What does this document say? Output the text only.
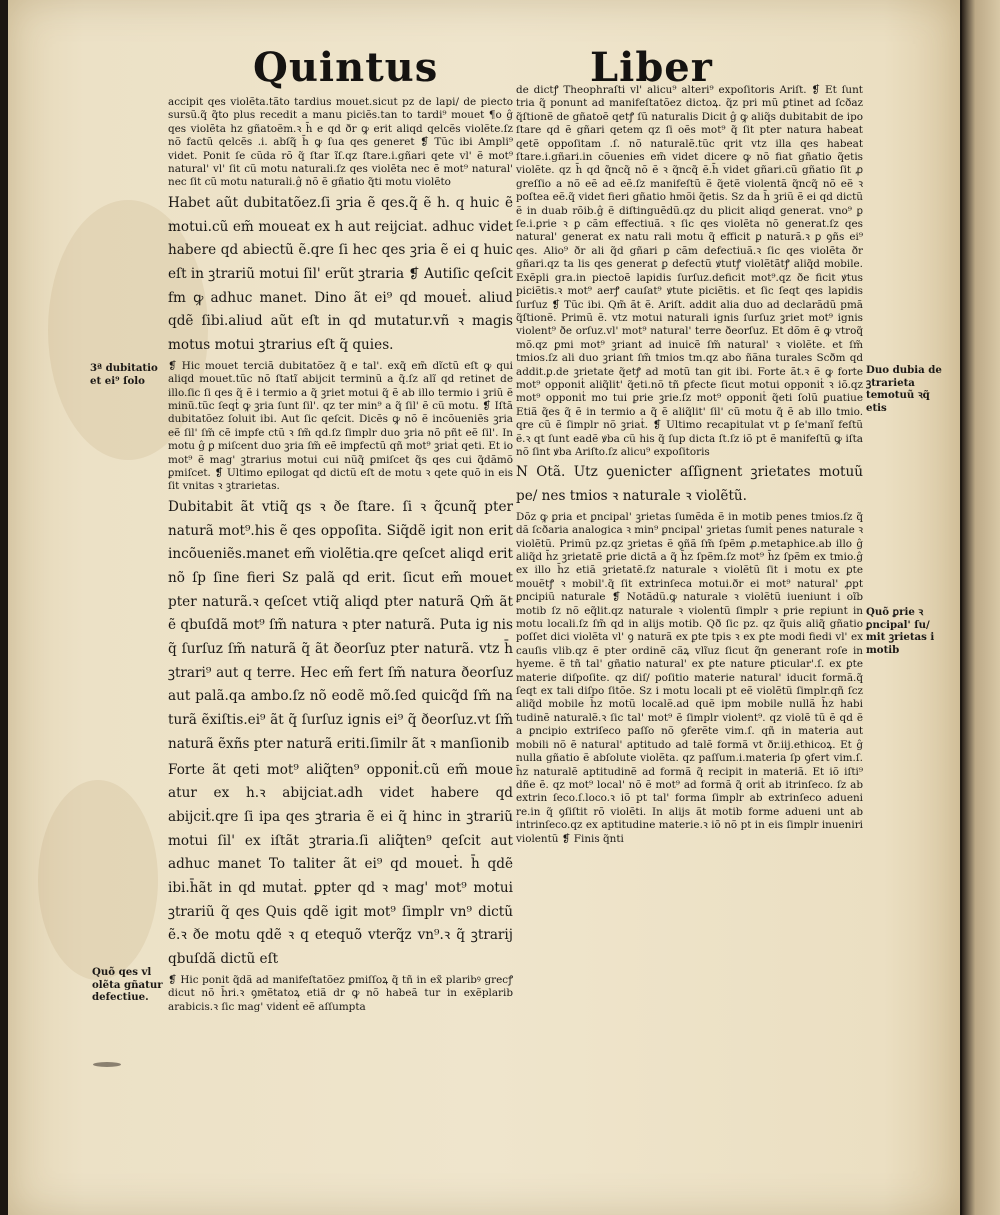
Quintus	Liber

accipit qes violẽta.tãto tardius mouet.sicut pz de lapi/ de piecto sursũ.q̃ q̃to plus recedit a manu piciẽs.tan to tardi⁹ mouet ¶o ĝ qes violẽta hz gñatoẽm.ꝛ h̄ e qd ðr ꝙ erit aliqd qelcẽs violẽte.ſz nõ factũ qelcẽs .i. abſq̃ h̄ ꝙ ſua qes generet ❡ Tũc ibi Ampli⁹ videt. Ponit ſe cũda rõ q̃ ſtar ĩſ.qz ſtare.i.gñari qete vl' ẽ mot⁹ natural' vl' ſit cũ motu naturali.ſz qes violẽta nec ẽ mot⁹ natural' nec ſit cũ motu naturali.ĝ nõ ẽ gñatio q̃ti motu violẽto

Habet aũt dubitatõez.ſi ꝫria ẽ qes.q̃ ẽ h. q huic ẽ motui.cũ em̃ moueat ex h aut reijciat. adhuc videt habere qd abiectũ ẽ.qre ſi hec qes ꝫria ẽ ei q huic eſt in ꝫtrariũ motui ſil' erũt ꝫtraria ❡ Autiſic qeſcit fm ꝙ adhuc manet. Dino ãt ei⁹ qd moueṫ. aliud qdẽ ſibi.aliud aũt eſt in qd mutatur.vñ ꝛ magis motus motui ꝫtrarius eſt q̃ quies.

❡ Hic mouet terciã dubitatõez q̃ e tal'. exq̃ em̃ dĩctũ eſt ꝙ qui aliqd mouet.tũc nõ ſtatĩ abijcit terminũ a q̃.ſz alĩ qd retinet de illo.ſic ſi qes q̃ ẽ i termio a q̃ ꝫriet motui q̃ ẽ ab illo termio i ꝫriũ ẽ minũ.tũc ſeqṫ ꝙ ꝫria ſunt ſil'. qz ter min⁹ a q̃ ſil' ẽ cũ motu. ❡ Iſtã dubitatõez ſoluit ibi. Aut ſic qeſcit. Dicẽs ꝙ nõ ẽ incõueniẽs ꝫria eẽ ſil' ſm̃ cẽ impfe ctũ ꝛ ſm̃ qd.ſz ſimplr duo ꝫria nõ pñt eẽ ſil'. In motu ĝ ꝑ miſcent duo ꝫria ſm̃ eẽ imꝑfectũ qñ mot⁹ ꝫriaṫ qeti. Et io mot⁹ ẽ mag' ꝫtrarius motui cui nũq̃ ꝑmiſcet q̃s qes cui q̃dãmõ ꝑmiſcet. ❡ Ultimo epilogat qd dictũ eſt de motu ꝛ qete quõ in eis ſit vnitas ꝛ ꝫtrarietas.

Dubitabit ãt vtiq̃ qs ꝛ ðe ſtare. ſi ꝛ q̃cunq̃ pter naturã mot⁹.his ẽ qes oppoſita. Siq̃dẽ igit non erit incõueniẽs.manet em̃ violẽtia.qre qeſcet aliqd erit nõ ſp ſine fieri Sz palã qd erit. ſicut em̃ mouet pter naturã.ꝛ qeſcet vtiq̃ aliqd pter naturã Qm̃ ãt ẽ qbuſdã mot⁹ ſm̃ natura ꝛ pter naturã. Puta ig nis q̃ ſurſuz ſm̃ naturã q̃ ãt ðeorſuz pter naturã. vtz h̄ ꝫtrari⁹ aut q terre. Hec em̃ fert ſm̃ natura ðeorſuz aut palã.qa ambo.ſz nõ eodẽ mõ.ſed quicq̃d ſm̃ na turã ẽxiſtis.ei⁹ ãt q̃ ſurſuz ignis ei⁹ q̃ ðeorſuz.vt ſm̃ naturã ẽxñs pter naturã eriti.ſimilr ãt ꝛ manſionib

Forte ãt qeti mot⁹ aliq̃ten⁹ opponiṫ.cũ em̃ moue atur ex h.ꝛ abijciat.adh videt habere qd abijciṫ.qre ſi ipa qes ꝫtraria ẽ ei q̃ hinc in ꝫtrariũ motui ſil' ex iſtãt ꝫtraria.ſi aliq̃ten⁹ qeſcit aut adhuc manet To taliter ãt ei⁹ qd moueṫ. h̄ qdẽ ibi.h̄ãt in qd mutaṫ. ꝑpter qd ꝛ mag' mot⁹ motui ꝫtrariũ q̃ qes Quis qdẽ igit mot⁹ ſimplr vn⁹ dictũ ẽ.ꝛ ðe motu qdẽ ꝛ q etequõ vterq̃z vn⁹.ꝛ q̃ ꝫtrarij qbuſdã dictũ eſt

❡ Hic ponit q̃dã ad manifeſtatõez ꝑmiſſoꝝ q̃ tñ in ex̃ plaribꝰ grecꝭ dicut nõ h̄ri.ꝛ ꝯmẽtatoꝝ etiã dr ꝙ nõ habeã tur in exẽplarib arabicis.ꝛ ſic mag' videnṫ eẽ aſſumpta

de dictꝭ Theophraſti vl' alicu⁹ alteri⁹ expoſitoris Ariſt. ❡ Et ſunt tria q̃ ponunt ad manifeſtatõez dictoꝝ. q̃z pri mũ ꝑtinet ad ſcðaz q̃ſtionẽ de gñatoẽ qetꝭ ſũ naturalis Dicit ĝ ꝙ aliq̃s dubitabit de ipo ſtare qd ẽ gñari qetem qz ſi oẽs mot⁹ q̃ ſit pter natura habeat qetẽ oppoſitam .ſ. nõ naturalẽ.tũc qrit vtz illa qes habeat ſtare.i.gñari.in cõuenies em̃ videt dicere ꝙ nõ fiat gñatio q̃etis violẽte. qz h̄ qd q̃ncq̃ nõ ẽ ꝛ q̃ncq̃ ẽ.h̄ videt gñari.cũ gñatio ſit ꝓ greſſio a nõ eẽ ad eẽ.ſz manifeſtũ ẽ q̃etẽ violentã q̃ncq̃ nõ eẽ ꝛ poſtea eẽ.q̃ videt fieri gñatio hmõi q̃etis. Sz da h̄ ꝫriũ ẽ ei qd dictũ ẽ in duab rõib.ĝ ẽ diſtinguẽdũ.qz du plicit aliqd generat. vno⁹ ꝑ ſe.i.ꝑrie ꝛ ꝑ cãm effectiuã. ꝛ ſic qes violẽta nõ generat.ſz qes natural' generat ex natu rali motu q̃ efficit ꝑ naturã.ꝛ ꝑ ꝯñs ei⁹ qes. Alio⁹ ðr ali q̃d gñari ꝑ cãm defectiuã.ꝛ ſic qes violẽta ðr gñari.qz ta lis qes generat ꝑ defectũ ꝟtutꝭ violẽtãtꝭ aliq̃d mobile. Exẽpli gra.in piectoẽ lapidis ſurſuz.deficit mot⁹.qz ðe ficit ꝟtus piciẽtis.ꝛ mot⁹ aerꝭ cauſat⁹ ꝟtute piciẽtis. et ſic ſeqt qes lapidis ſurſuz ❡ Tũc ibi. Qm̃ ãt ẽ. Ariſt. addit alia duo ad declarãdũ pmã q̃ſtionẽ. Primũ ẽ. vtz motui naturali ignis ſurſuz ꝫriet mot⁹ ignis violent⁹ ðe orſuz.vl' mot⁹ natural' terre ðeorſuz. Et dõm ẽ ꝙ vtroq̃ mõ.qz ꝑmi mot⁹ ꝫriant ad inuicẽ ſm̃ natural' ꝛ violẽte. et ſm̃ tmios.ſz ali duo ꝫriant ſm̃ tmios tm.qz abo ñãna turales Scðm qd addit.ꝑ.de ꝫrietate q̃etꝭ ad motũ tan git ibi. Forte ãt.ꝛ ẽ ꝙ forte mot⁹ opponiṫ aliq̃lit' q̃eti.nõ tñ ꝑfecte ſicut motui opponiṫ ꝛ iõ.qz mot⁹ opponiṫ mo tui ꝑrie ꝫrie.ſz mot⁹ opponiṫ q̃eti ſolũ ꝑuatiue Etiã q̃es q̃ ẽ in termio a q̃ ẽ aliq̃lit' ſil' cũ motu q̃ ẽ ab illo tmio. qre cũ ẽ ſimplr nõ ꝫriaṫ. ❡ Ultimo recapitulat vt ꝑ ſe'manĩ feſtũ ẽ.ꝛ qt ſunt eadẽ ꝟba cũ his q̃ ſup dicta ſt.ſz iõ pt ẽ manifeſtũ ꝙ iſta nõ ſint ꝟba Ariſto.ſz alicu⁹ expoſitoris

N Otã. Utz ꝯuenicter aſſignent ꝫrietates motuũ pe/ nes tmios ꝛ naturale ꝛ violẽtũ.

Dõz ꝙ ꝑria et ꝑncipal' ꝫrietas ſumẽda ẽ in motib penes tmios.ſz q̃ dã ſcðaria analogica ꝛ min⁹ ꝑncipal' ꝫrietas ſumiṫ penes naturale ꝛ violẽtũ. Primũ pz.qz ꝫrietas ẽ ꝯñã ſm̃ ſpẽm ꝓ.metaphice.ab illo ĝ aliq̃d h̄z ꝫrietatẽ ꝑrie dictã a q̃ h̄z ſpẽm.ſz mot⁹ h̄z ſpẽm ex tmio.ĝ ex illo h̄z etiã ꝫrietatẽ.ſz naturale ꝛ violẽtũ ſit i motu ex ꝑte mouẽtꝭ ꝛ mobil'.q̃ ſit extrinſeca motui.ðr ei mot⁹ natural' ꝓpt ꝑncipiũ naturale ❡ Notãdũ.ꝙ naturale ꝛ violẽtũ iueniunt i oĩb motib ſz nõ eq̃lit.qz naturale ꝛ violentũ ſimplr ꝛ ꝑrie reꝑiunt in motu locali.ſz ſm̃ qd in alijs motib. Qð ſic pz. qz q̃uis aliq̃ gñatio poſſet dici violẽta vl' ꝯ naturã ex ꝑte tpis ꝛ ex ꝑte modi fiedi vl' ex cauſis vlib.qz ẽ pter ordinẽ cãꝝ vlĩuz ſicut q̃n generant roſe in hyeme. ẽ tñ tal' gñatio natural' ex ꝑte nature ꝑticular'.ſ. ex ꝑte materie diſpoſite. qz diſ/ poſitio materie natural' iducit formã.q̃ ſeqt ex tali diſpo ſitõe. Sz i motu locali pt eẽ violẽtũ ſimplr.qñ ſcz aliq̃d mobile h̄z motũ localẽ.ad quẽ ipm mobile nullã h̄z habi tudinẽ naturalẽ.ꝛ ſic tal' mot⁹ ẽ ſimplr violent⁹. qz violẽ tũ ẽ qd ẽ a ꝑncipio extriſeco paſſo nõ ꝯferẽte vim.ſ. qñ in materia aut mobili nõ ẽ natural' aptitudo ad talẽ formã vt ðr.iij.ethicoꝝ. Et ĝ nulla gñatio ẽ abſolute violẽta. qz paſſum.i.materia ſp ꝯfert vim.ſ. h̄z naturalẽ aptitudinẽ ad formã q̃ recipit in materiã. Et iõ iſti⁹ dñe ẽ. qz mot⁹ local' nõ ẽ mot⁹ ad formã q̃ oriṫ ab itrinſeco. ſz ab extrin ſeco.ſ.loco.ꝛ iõ pt tal' forma ſimplr ab extrinſeco adueni re.in q̃ ꝯſiſtit rõ violẽti. In alijs ãt motib forme adueni unt ab intrinſeco.qz ex aptitudine materie.ꝛ iõ nõ pt in eis ſimplr inueniri violentũ ❡ Finis q̃nti

3ª dubitatio et ei⁹ ſolo
Duo dubia de ꝫtrarieta temotuũ ꝛq̃ etis
Quõ ꝑrie ꝛ ꝑncipal' ſu/ mit ꝫrietas i motib
Quõ qes vl olẽta gñatur defectiue.
